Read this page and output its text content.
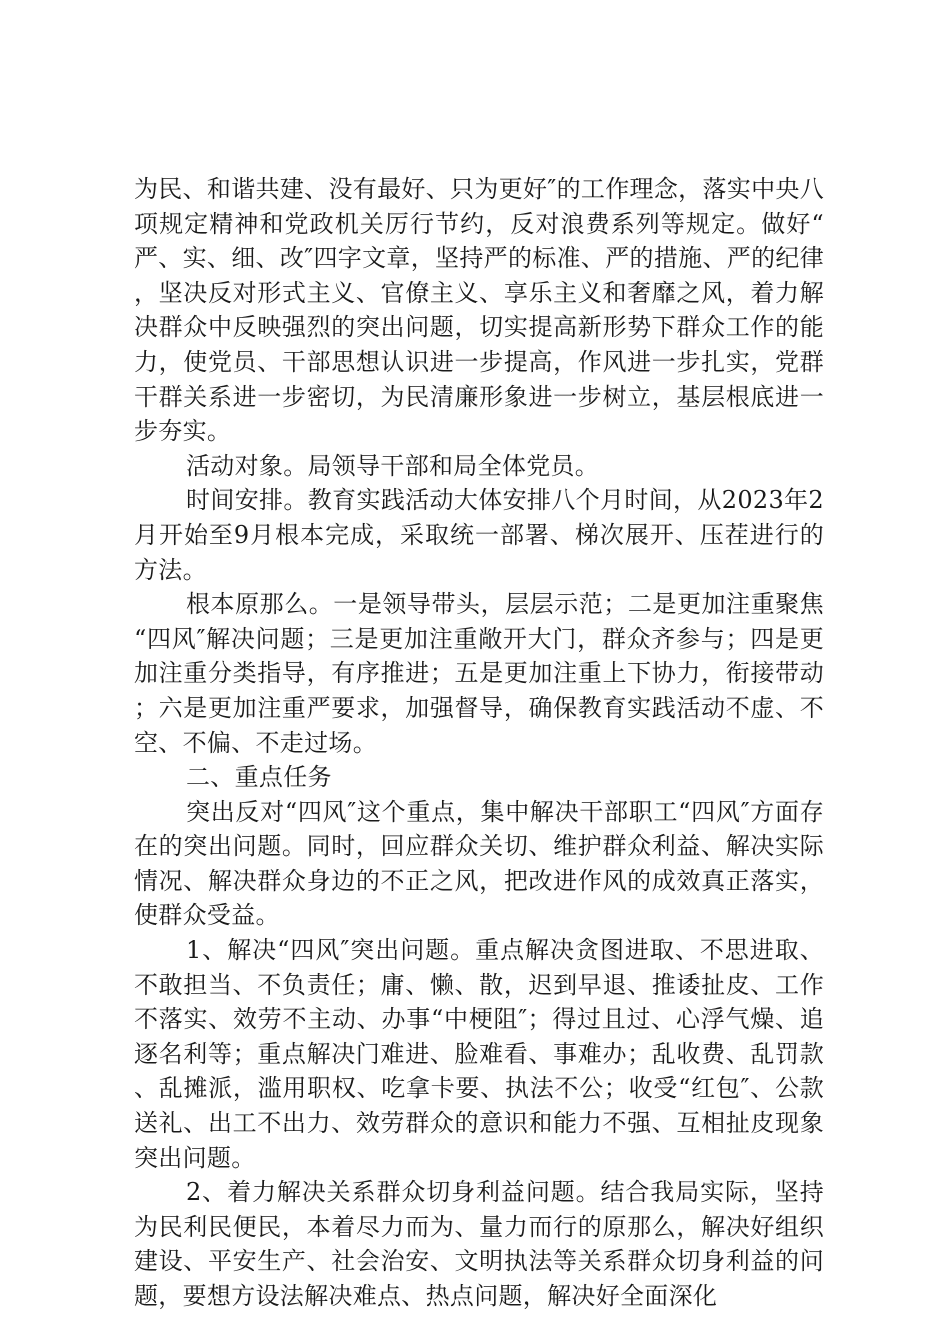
为民、和谐共建、没有最好、只为更好″的工作理念，落实中央八项规定精神和党政机关厉行节约，反对浪费系列等规定。做好“严、实、细、改″四字文章，坚持严的标准、严的措施、严的纪律，坚决反对形式主义、官僚主义、享乐主义和奢靡之风，着力解决群众中反映强烈的突出问题，切实提高新形势下群众工作的能力，使党员、干部思想认识进一步提高，作风进一步扎实，党群干群关系进一步密切，为民清廉形象进一步树立，基层根底进一步夯实。

活动对象。局领导干部和局全体党员。

时间安排。教育实践活动大体安排八个月时间，从2023年2月开始至9月根本完成，采取统一部署、梯次展开、压茬进行的方法。

根本原那么。一是领导带头，层层示范；二是更加注重聚焦“四风″解决问题；三是更加注重敞开大门，群众齐参与；四是更加注重分类指导，有序推进；五是更加注重上下协力，衔接带动；六是更加注重严要求，加强督导，确保教育实践活动不虚、不空、不偏、不走过场。

二、重点任务

突出反对“四风″这个重点，集中解决干部职工“四风″方面存在的突出问题。同时，回应群众关切、维护群众利益、解决实际情况、解决群众身边的不正之风，把改进作风的成效真正落实，使群众受益。

1、解决“四风″突出问题。重点解决贪图进取、不思进取、不敢担当、不负责任；庸、懒、散，迟到早退、推诿扯皮、工作不落实、效劳不主动、办事“中梗阻″；得过且过、心浮气燥、追逐名利等；重点解决门难进、脸难看、事难办；乱收费、乱罚款、乱摊派，滥用职权、吃拿卡要、执法不公；收受“红包″、公款送礼、出工不出力、效劳群众的意识和能力不强、互相扯皮现象突出问题。

2、着力解决关系群众切身利益问题。结合我局实际，坚持为民利民便民，本着尽力而为、量力而行的原那么，解决好组织建设、平安生产、社会治安、文明执法等关系群众切身利益的问题，要想方设法解决难点、热点问题，解决好全面深化
